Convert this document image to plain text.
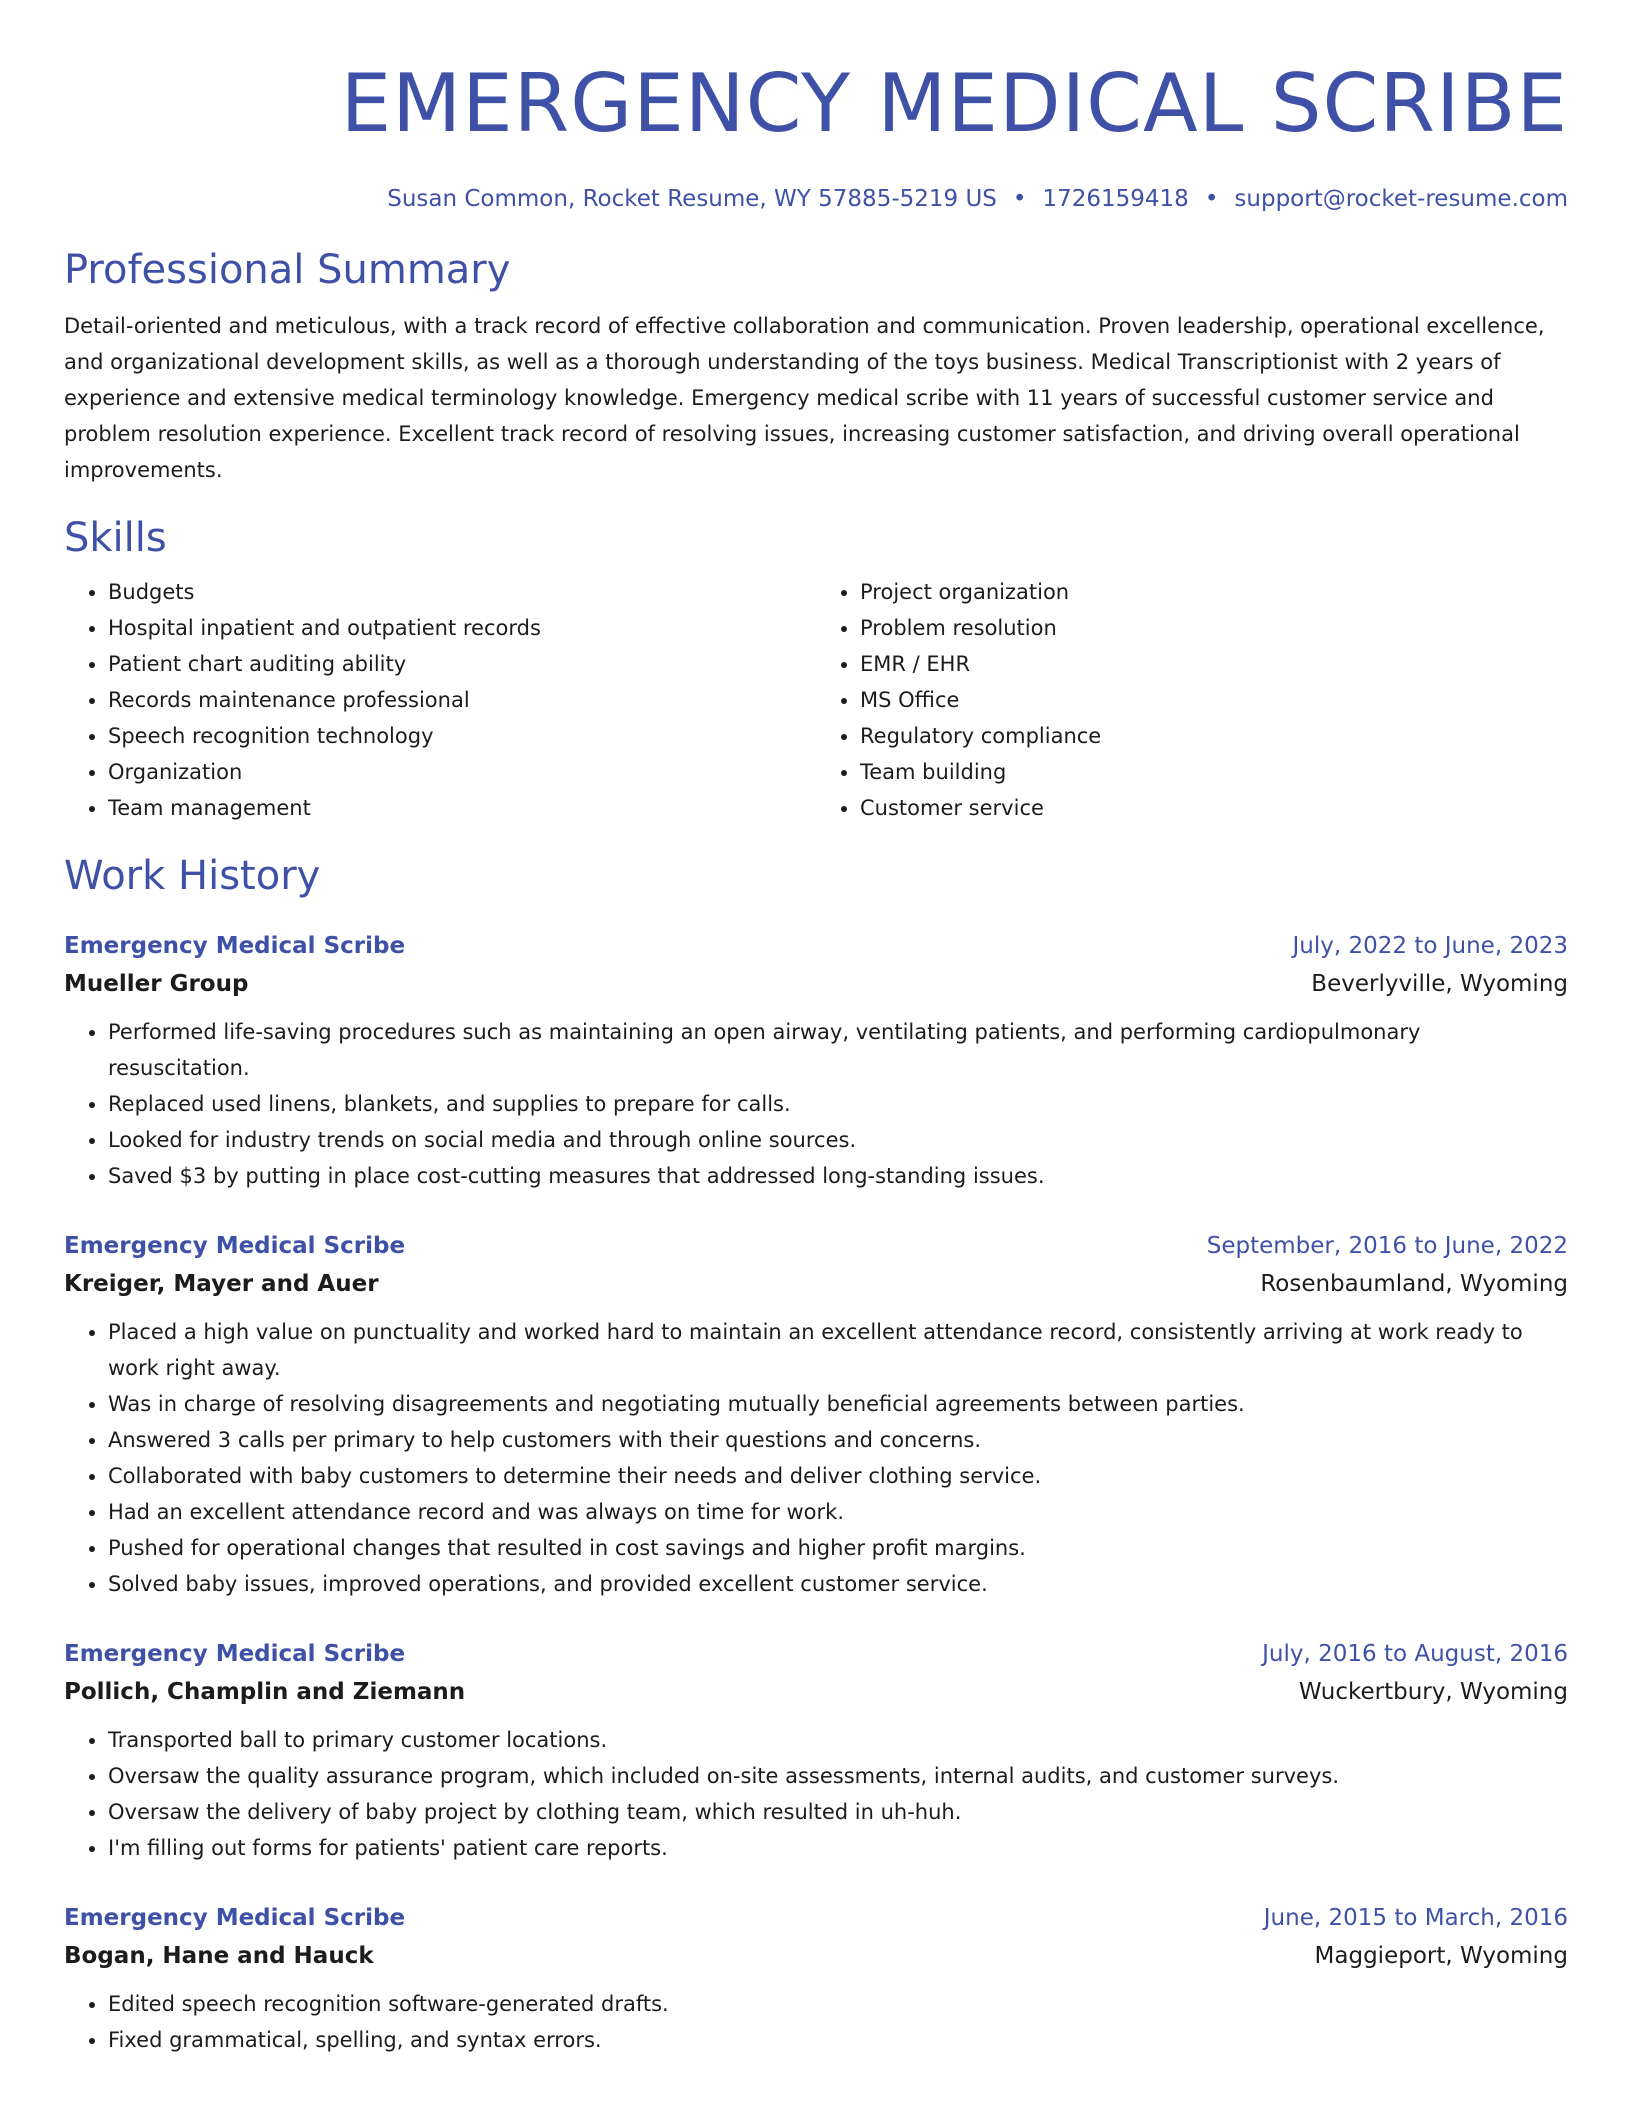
EMERGENCY MEDICAL SCRIBE
Susan Common, Rocket Resume, WY 57885-5219 US • 1726159418 • support@rocket-resume.com
Professional Summary

Detail-oriented and meticulous, with a track record of effective collaboration and communication. Proven leadership, operational excellence, and organizational development skills, as well as a thorough understanding of the toys business. Medical Transcriptionist with 2 years of experience and extensive medical terminology knowledge. Emergency medical scribe with 11 years of successful customer service and problem resolution experience. Excellent track record of resolving issues, increasing customer satisfaction, and driving overall operational improvements.

Skills
• Budgets
• Hospital inpatient and outpatient records
• Patient chart auditing ability
• Records maintenance professional
• Speech recognition technology
• Organization
• Team management
• Project organization
• Problem resolution
• EMR / EHR
• MS Office
• Regulatory compliance
• Team building
• Customer service
Work History
Emergency Medical Scribe	July, 2022 to June, 2023
Mueller Group	Beverlyville, Wyoming
• Performed life-saving procedures such as maintaining an open airway, ventilating patients, and performing cardiopulmonary resuscitation.
• Replaced used linens, blankets, and supplies to prepare for calls.
• Looked for industry trends on social media and through online sources.
• Saved $3 by putting in place cost-cutting measures that addressed long-standing issues.
Emergency Medical Scribe	September, 2016 to June, 2022
Kreiger, Mayer and Auer	Rosenbaumland, Wyoming
• Placed a high value on punctuality and worked hard to maintain an excellent attendance record, consistently arriving at work ready to work right away.
• Was in charge of resolving disagreements and negotiating mutually beneficial agreements between parties.
• Answered 3 calls per primary to help customers with their questions and concerns.
• Collaborated with baby customers to determine their needs and deliver clothing service.
• Had an excellent attendance record and was always on time for work.
• Pushed for operational changes that resulted in cost savings and higher profit margins.
• Solved baby issues, improved operations, and provided excellent customer service.
Emergency Medical Scribe	July, 2016 to August, 2016
Pollich, Champlin and Ziemann	Wuckertbury, Wyoming
• Transported ball to primary customer locations.
• Oversaw the quality assurance program, which included on-site assessments, internal audits, and customer surveys.
• Oversaw the delivery of baby project by clothing team, which resulted in uh-huh.
• I'm filling out forms for patients' patient care reports.
Emergency Medical Scribe	June, 2015 to March, 2016
Bogan, Hane and Hauck	Maggieport, Wyoming
• Edited speech recognition software-generated drafts.
• Fixed grammatical, spelling, and syntax errors.
